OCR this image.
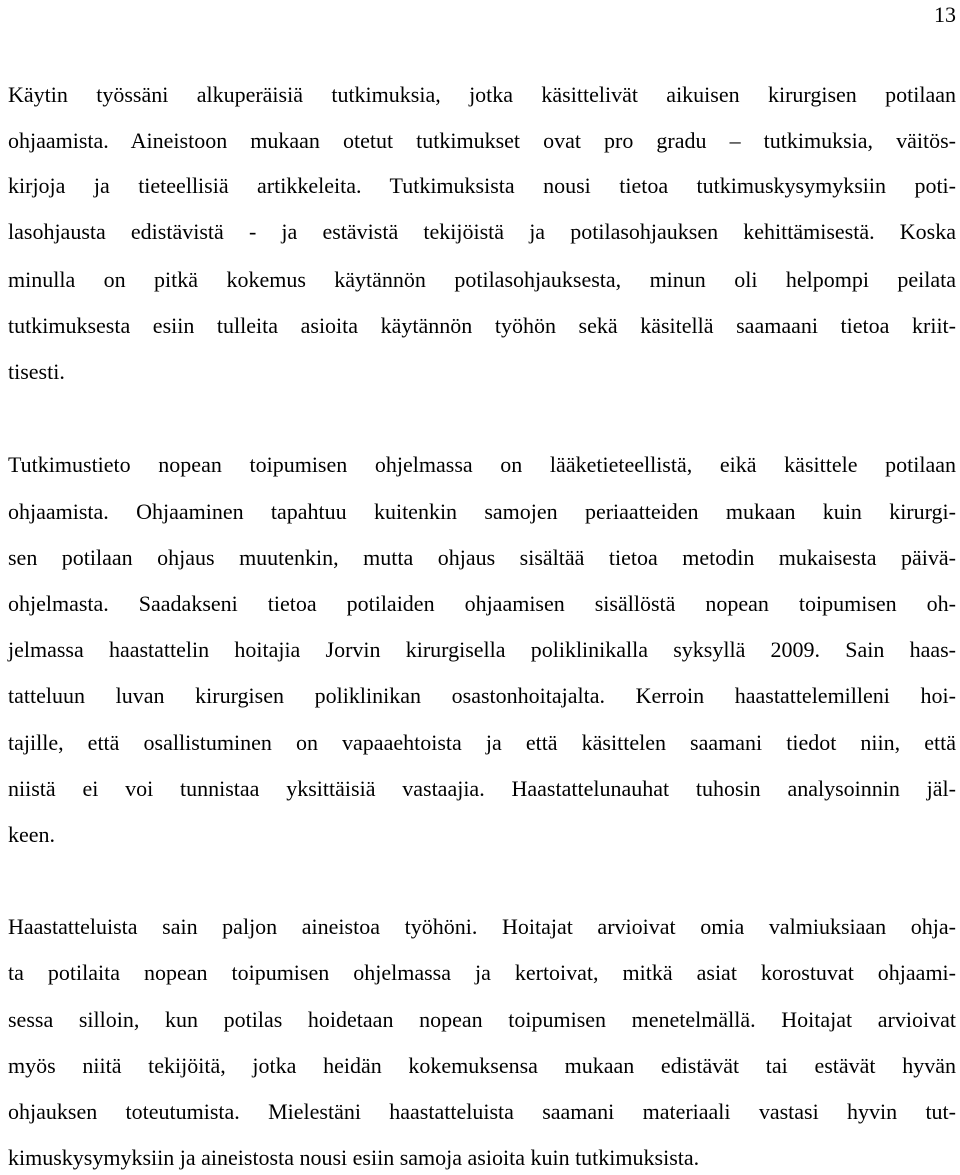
13
Käytin työssäni alkuperäisiä tutkimuksia, jotka käsittelivät aikuisen kirurgisen potilaan
ohjaamista. Aineistoon mukaan otetut tutkimukset ovat pro gradu – tutkimuksia, väitös-
kirjoja ja tieteellisiä artikkeleita. Tutkimuksista nousi tietoa tutkimuskysymyksiin poti-
lasohjausta edistävistä - ja estävistä tekijöistä ja potilasohjauksen kehittämisestä. Koska
minulla on pitkä kokemus käytännön potilasohjauksesta, minun oli helpompi peilata
tutkimuksesta esiin tulleita asioita käytännön työhön sekä käsitellä saamaani tietoa kriit-
tisesti.
Tutkimustieto nopean toipumisen ohjelmassa on lääketieteellistä, eikä käsittele potilaan
ohjaamista. Ohjaaminen tapahtuu kuitenkin samojen periaatteiden mukaan kuin kirurgi-
sen potilaan ohjaus muutenkin, mutta ohjaus sisältää tietoa metodin mukaisesta päivä-
ohjelmasta. Saadakseni tietoa potilaiden ohjaamisen sisällöstä nopean toipumisen oh-
jelmassa haastattelin hoitajia Jorvin kirurgisella poliklinikalla syksyllä 2009. Sain haas-
tatteluun luvan kirurgisen poliklinikan osastonhoitajalta. Kerroin haastattelemilleni hoi-
tajille, että osallistuminen on vapaaehtoista ja että käsittelen saamani tiedot niin, että
niistä ei voi tunnistaa yksittäisiä vastaajia. Haastattelunauhat tuhosin analysoinnin jäl-
keen.
Haastatteluista sain paljon aineistoa työhöni. Hoitajat arvioivat omia valmiuksiaan ohja-
ta potilaita nopean toipumisen ohjelmassa ja kertoivat, mitkä asiat korostuvat ohjaami-
sessa silloin, kun potilas hoidetaan nopean toipumisen menetelmällä. Hoitajat arvioivat
myös niitä tekijöitä, jotka heidän kokemuksensa mukaan edistävät tai estävät hyvän
ohjauksen toteutumista. Mielestäni haastatteluista saamani materiaali vastasi hyvin tut-
kimuskysymyksiin ja aineistosta nousi esiin samoja asioita kuin tutkimuksista.
